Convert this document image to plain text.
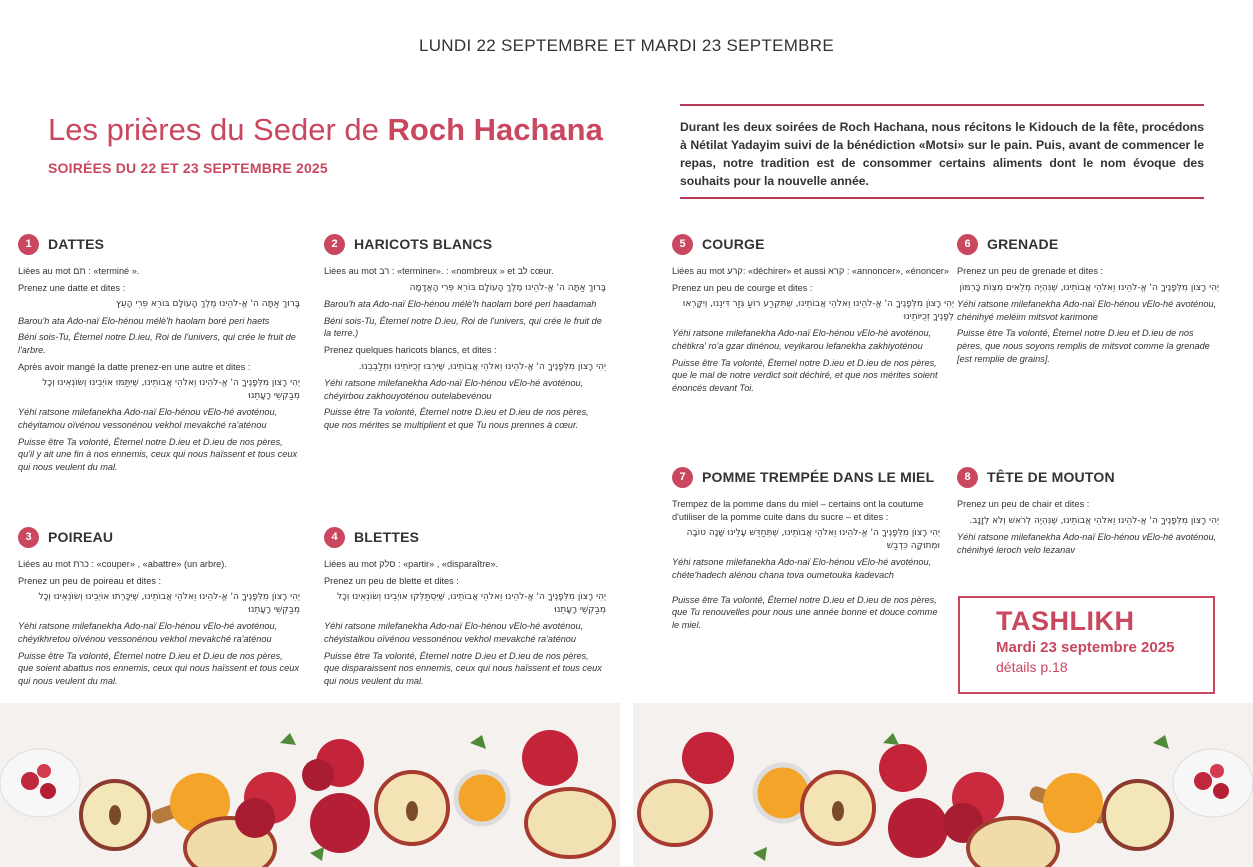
LUNDI 22 SEPTEMBRE ET MARDI 23 SEPTEMBRE
Les prières du Seder de Roch Hachana
SOIRÉES DU 22 ET 23 SEPTEMBRE 2025
Durant les deux soirées de Roch Hachana, nous récitons le Kidouch de la fête, procédons à Nétilat Yadayim suivi de la bénédiction «Motsi» sur le pain. Puis, avant de commencer le repas, notre tradition est de consommer certains aliments dont le nom évoque des souhaits pour la nouvelle année.
1	DATTES

Liées au mot תם : «terminé ».

Prenez une datte et dites :

בָּרוּךְ אַתָּה ה' אֱ-לֹהֵינוּ מֶלֶךְ הָעוֹלָם בּוֹרֵא פְּרִי הָעֵץ

Barou'h ata Ado-naï Elo-hénou mélè'h haolam boré peri haets

Béni sois-Tu, Éternel notre D.ieu, Roi de l'univers, qui crée le fruit de l'arbre.

Après avoir mangé la datte prenez-en une autre et dites :

יְהִי רָצוֹן מִלְּפָנֶיךָ ה' אֱ-לֹהֵינוּ וֵאלֹהֵי אֲבוֹתֵינוּ, שֶׁיִּתַּמּוּ אוֹיְבֵינוּ וְשׂוֹנְאֵינוּ וְכָל מְבַקְשֵׁי רָעָתֵנוּ

Yéhi ratsone milefanekha Ado-naï Elo-hénou vElo-hé avoténou, chéyitamou oïvénou vessonénou vekhol mevakché ra'aténou

Puisse être Ta volonté, Éternel notre D.ieu et D.ieu de nos pères, qu'il y ait une fin à nos ennemis, ceux qui nous haïssent et tous ceux qui nous veulent du mal.

2	HARICOTS BLANCS

Liées au mot רב : «terminer». : «nombreux » et לב cœur.

בָּרוּךְ אַתָּה ה' אֱ-לֹהֵינוּ מֶלֶךְ הָעוֹלָם בּוֹרֵא פְּרִי הָאֲדָמָה

Barou'h ata Ado-naï Elo-hénou mélè'h haolam boré peri haadamah

Béni sois-Tu, Éternel notre D.ieu, Roi de l'univers, qui crée le fruit de la terre.)

Prenez quelques haricots blancs, et dites :

יְהִי רָצוֹן מִלְּפָנֶיךָ ה' אֱ-לֹהֵינוּ וֵאלֹהֵי אֲבוֹתֵינוּ, שֶׁיִּרְבּוּ זְכֻיּוֹתֵינוּ וּתְלַבְּבֵנוּ.

Yéhi ratsone milefanekha Ado-naï Elo-hénou vElo-hé avoténou, chéyirbou zakhouyoténou outelabevénou

Puisse être Ta volonté, Éternel notre D.ieu et D.ieu de nos pères, que nos mérites se multiplient et que Tu nous prennes à cœur.

3	POIREAU

Liées au mot כרת : «couper» , «abattre» (un arbre).

Prenez un peu de poireau et dites :

יְהִי רָצוֹן מִלְּפָנֶיךָ ה' אֱ-לֹהֵינוּ וֵאלֹהֵי אֲבוֹתֵינוּ, שֶׁיִּכָּרְתוּ אוֹיְבֵינוּ וְשׂוֹנְאֵינוּ וְכָל מְבַקְשֵׁי רָעָתֵנוּ

Yéhi ratsone milefanekha Ado-naï Elo-hénou vElo-hé avoténou, chéyikhretou oïvénou vessonénou vekhol mevakché ra'aténou

Puisse être Ta volonté, Éternel notre D.ieu et D.ieu de nos pères, que soient abattus nos ennemis, ceux qui nous haïssent et tous ceux qui nous veulent du mal.

4	BLETTES

Liées au mot סלק : «partir» , «disparaître».

Prenez un peu de blette et dites :

יְהִי רָצוֹן מִלְּפָנֶיךָ ה' אֱ-לֹהֵינוּ וֵאלֹהֵי אֲבוֹתֵינוּ, שֶׁיִּסְתַּלְּקוּ אוֹיְבֵינוּ וְשׂוֹנְאֵינוּ וְכָל מְבַקְשֵׁי רָעָתֵנוּ

Yéhi ratsone milefanekha Ado-naï Elo-hénou vElo-hé avoténou, chéyistalkou oïvénou vessonénou vekhol mevakché ra'aténou

Puisse être Ta volonté, Éternel notre D.ieu et D.ieu de nos pères, que disparaissent nos ennemis, ceux qui nous haïssent et tous ceux qui nous veulent du mal.

5	COURGE

Liées au mot קרע: «déchirer» et aussi קרא : «annoncer», «énoncer»

Prenez un peu de courge et dites :

יְהִי רָצוֹן מִלְּפָנֶיךָ ה' אֱ-לֹהֵינוּ וֵאלֹהֵי אֲבוֹתֵינוּ, שֶׁתִּקְרַע רוֹעַ גְּזַר דִּינֵנוּ, וְיִקָּרְאוּ לְפָנֶיךָ זְכֻיּוֹתֵינוּ

Yéhi ratsone milefanekha Ado-naï Elo-hénou vElo-hé avoténou, chétikra' ro'a gzar dinénou, veyikarou lefanekha zakhiyoténou

Puisse être Ta volonté, Éternel notre D.ieu et D.ieu de nos pères, que le mal de notre verdict soit déchiré, et que nos mérites soient énoncés devant Toi.

6	GRENADE

Prenez un peu de grenade et dites :

יְהִי רָצוֹן מִלְּפָנֶיךָ ה' אֱ-לֹהֵינוּ וֵאלֹהֵי אֲבוֹתֵינוּ, שֶׁנִּהְיֶה מְלֵאִים מִצְוֹת כָּרִמּוֹן

Yéhi ratsone milefanekha Ado-naï Elo-hénou vElo-hé avoténou, chénihyé meléim mitsvot karimone

Puisse être Ta volonté, Éternel notre D.ieu et D.ieu de nos pères, que nous soyons remplis de mitsvot comme la grenade

[est remplie de grains].

7	POMME TREMPÉE DANS LE MIEL

Trempez de la pomme dans du miel – certains ont la coutume d'utiliser de la pomme cuite dans du sucre – et dites :

יְהִי רָצוֹן מִלְּפָנֶיךָ ה' אֱ-לֹהֵינוּ וֵאלֹהֵי אֲבוֹתֵינוּ, שֶׁתְּחַדֵּשׁ עָלֵינוּ שָׁנָה טוֹבָה וּמְתוּקָה כִּדְבַשׁ

Yéhi ratsone milefanekha Ado-naï Elo-hénou vElo-hé avoténou, chéte'hadech alénou chana tova oumetouka kadevach

Puisse être Ta volonté, Éternel notre D.ieu et D.ieu de nos pères, que Tu renouvelles pour nous une année bonne et douce comme le miel.

8	TÊTE DE MOUTON

Prenez un peu de chair et dites :

יְהִי רָצוֹן מִלְּפָנֶיךָ ה' אֱ-לֹהֵינוּ וֵאלֹהֵי אֲבוֹתֵינוּ, שֶׁנִּהְיֶה לְרֹאשׁ וְלֹא לְזָנָב.

Yéhi ratsone milefanekha Ado-naï Elo-hénou vElo-hé avoténou, chénihyé leroch velo lezanav

TASHLIKH
Mardi 23 septembre 2025
détails p.18
